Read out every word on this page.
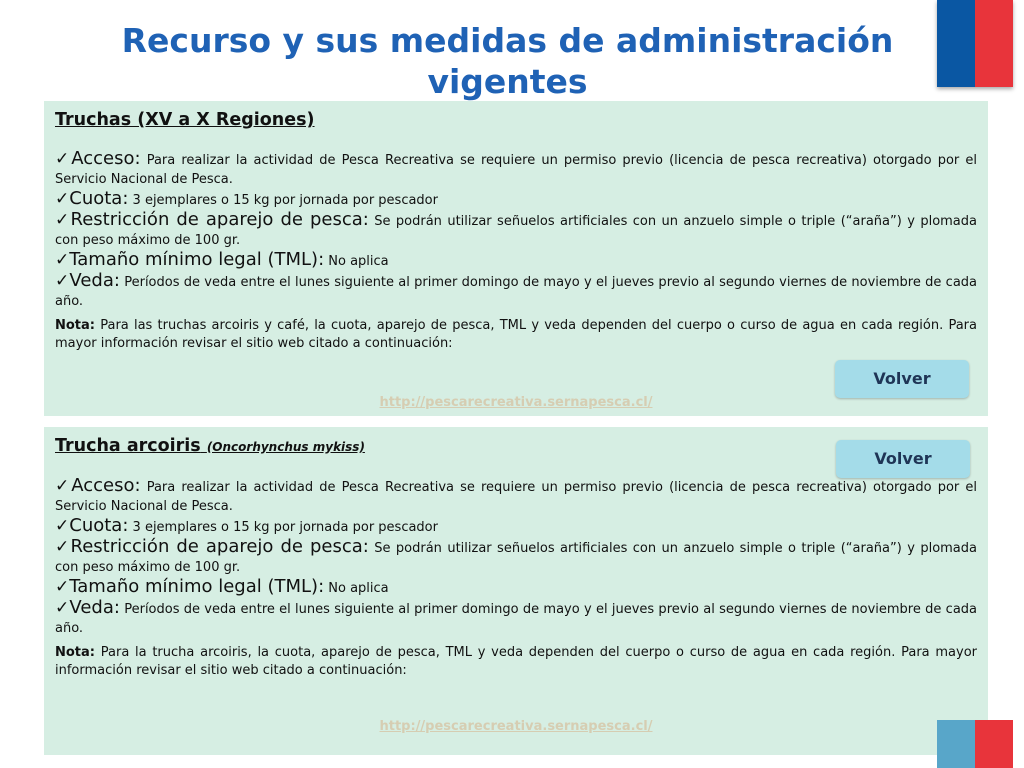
Recurso y sus medidas de administración vigentes

Truchas (XV a X Regiones)

✓Acceso: Para realizar la actividad de Pesca Recreativa se requiere un permiso previo (licencia de pesca recreativa) otorgado por el Servicio Nacional de Pesca.

✓Cuota: 3 ejemplares o 15 kg por jornada por pescador

✓Restricción de aparejo de pesca: Se podrán utilizar señuelos artificiales con un anzuelo simple o triple (“araña”) y plomada con peso máximo de 100 gr.

✓Tamaño mínimo legal (TML): No aplica

✓Veda: Períodos de veda entre el lunes siguiente al primer domingo de mayo y el jueves previo al segundo viernes de noviembre de cada año.

Nota: Para las truchas arcoiris y café, la cuota, aparejo de pesca, TML y veda dependen del cuerpo o curso de agua en cada región. Para mayor información revisar el sitio web citado a continuación:

http://pescarecreativa.sernapesca.cl/

Trucha arcoiris (Oncorhynchus mykiss)

✓Acceso: Para realizar la actividad de Pesca Recreativa se requiere un permiso previo (licencia de pesca recreativa) otorgado por el Servicio Nacional de Pesca.

✓Cuota: 3 ejemplares o 15 kg por jornada por pescador

✓Restricción de aparejo de pesca: Se podrán utilizar señuelos artificiales con un anzuelo simple o triple (“araña”) y plomada con peso máximo de 100 gr.

✓Tamaño mínimo legal (TML): No aplica

✓Veda: Períodos de veda entre el lunes siguiente al primer domingo de mayo y el jueves previo al segundo viernes de noviembre de cada año.

Nota: Para la trucha arcoiris, la cuota, aparejo de pesca, TML y veda dependen del cuerpo o curso de agua en cada región. Para mayor información revisar el sitio web citado a continuación:

http://pescarecreativa.sernapesca.cl/
Volver
Volver
